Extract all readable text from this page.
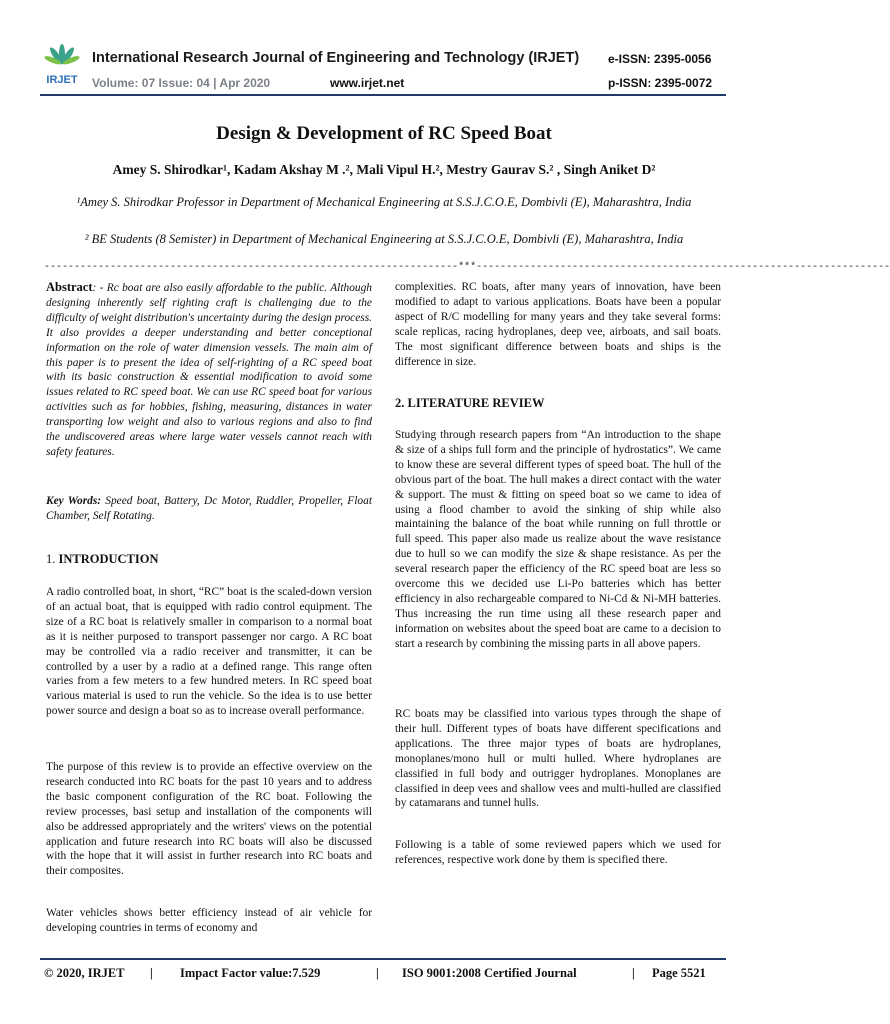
IRJET
International Research Journal of Engineering and Technology (IRJET) e-ISSN: 2395-0056
Volume: 07 Issue: 04 | Apr 2020	www.irjet.net	p-ISSN: 2395-0072
Design & Development of RC Speed Boat
Amey S. Shirodkar¹, Kadam Akshay M .², Mali Vipul H.², Mestry Gaurav S.² , Singh Aniket D²
¹Amey S. Shirodkar Professor in Department of Mechanical Engineering at S.S.J.C.O.E, Dombivli (E), Maharashtra, India
² BE Students (8 Semister) in Department of Mechanical Engineering at S.S.J.C.O.E, Dombivli (E), Maharashtra, India
---------------------------------------------------------------------***---------------------------------------------------------------------

Abstract: - Rc boat are also easily affordable to the public. Although designing inherently self righting craft is challenging due to the difficulty of weight distribution's uncertainty during the design process. It also provides a deeper understanding and better conceptional information on the role of water dimension vessels. The main aim of this paper is to present the idea of self-righting of a RC speed boat with its basic construction & essential modification to avoid some issues related to RC speed boat. We can use RC speed boat for various activities such as for hobbies, fishing, measuring, distances in water transporting low weight and also to various regions and also to find the undiscovered areas where large water vessels cannot reach with safety features.

Key Words: Speed boat, Battery, Dc Motor, Ruddler, Propeller, Float Chamber, Self Rotating.

1. INTRODUCTION

A radio controlled boat, in short, “RC” boat is the scaled-down version of an actual boat, that is equipped with radio control equipment. The size of a RC boat is relatively smaller in comparison to a normal boat as it is neither purposed to transport passenger nor cargo. A RC boat may be controlled via a radio receiver and transmitter, it can be controlled by a user by a radio at a defined range. This range often varies from a few meters to a few hundred meters. In RC speed boat various material is used to run the vehicle. So the idea is to use better power source and design a boat so as to increase overall performance.

The purpose of this review is to provide an effective overview on the research conducted into RC boats for the past 10 years and to address the basic component configuration of the RC boat. Following the review processes, basi setup and installation of the components will also be addressed appropriately and the writers' views on the potential application and future research into RC boats will also be discussed with the hope that it will assist in further research into RC boats and their composites.

Water vehicles shows better efficiency instead of air vehicle for developing countries in terms of economy and

complexities. RC boats, after many years of innovation, have been modified to adapt to various applications. Boats have been a popular aspect of R/C modelling for many years and they take several forms: scale replicas, racing hydroplanes, deep vee, airboats, and sail boats. The most significant difference between boats and ships is the difference in size.

2. LITERATURE REVIEW

Studying through research papers from “An introduction to the shape & size of a ships full form and the principle of hydrostatics”. We came to know these are several different types of speed boat. The hull of the obvious part of the boat. The hull makes a direct contact with the water & support. The must & fitting on speed boat so we came to idea of using a flood chamber to avoid the sinking of ship while also maintaining the balance of the boat while running on full throttle or full speed. This paper also made us realize about the wave resistance due to hull so we can modify the size & shape resistance. As per the several research paper the efficiency of the RC speed boat are less so overcome this we decided use Li-Po batteries which has better efficiency in also rechargeable compared to Ni-Cd & Ni-MH batteries. Thus increasing the run time using all these research paper and information on websites about the speed boat are came to a decision to start a research by combining the missing parts in all above papers.

RC boats may be classified into various types through the shape of their hull. Different types of boats have different specifications and applications. The three major types of boats are hydroplanes, monoplanes/mono hull or multi hulled. Where hydroplanes are classified in full body and outrigger hydroplanes. Monoplanes are classified in deep vees and shallow vees and multi-hulled are classified by catamarans and tunnel hulls.

Following is a table of some reviewed papers which we used for references, respective work done by them is specified there.

© 2020, IRJET | Impact Factor value:7.529	| ISO 9001:2008 Certified Journal	| Page 5521
